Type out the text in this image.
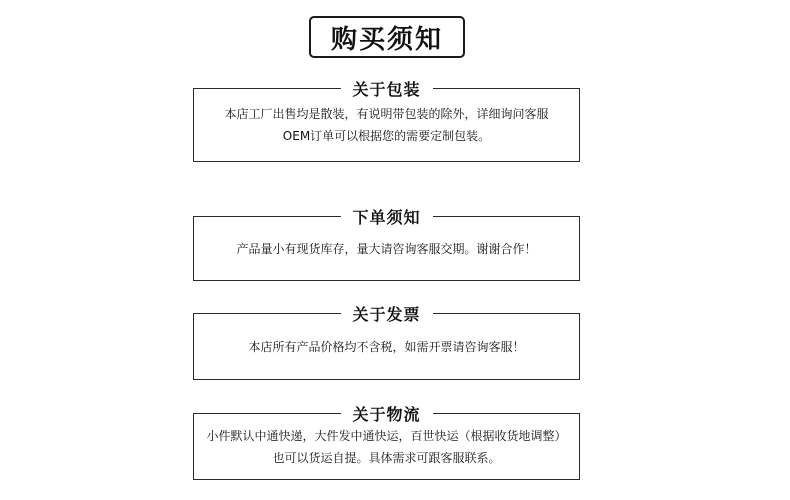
购买须知
关于包装
本店工厂出售均是散装，有说明带包装的除外，详细询问客服
OEM订单可以根据您的需要定制包装。
下单须知
产品量小有现货库存，量大请咨询客服交期。谢谢合作！
关于发票
本店所有产品价格均不含税，如需开票请咨询客服！
关于物流
小件默认中通快递，大件发中通快运，百世快运（根据收货地调整）
也可以货运自提。具体需求可跟客服联系。
